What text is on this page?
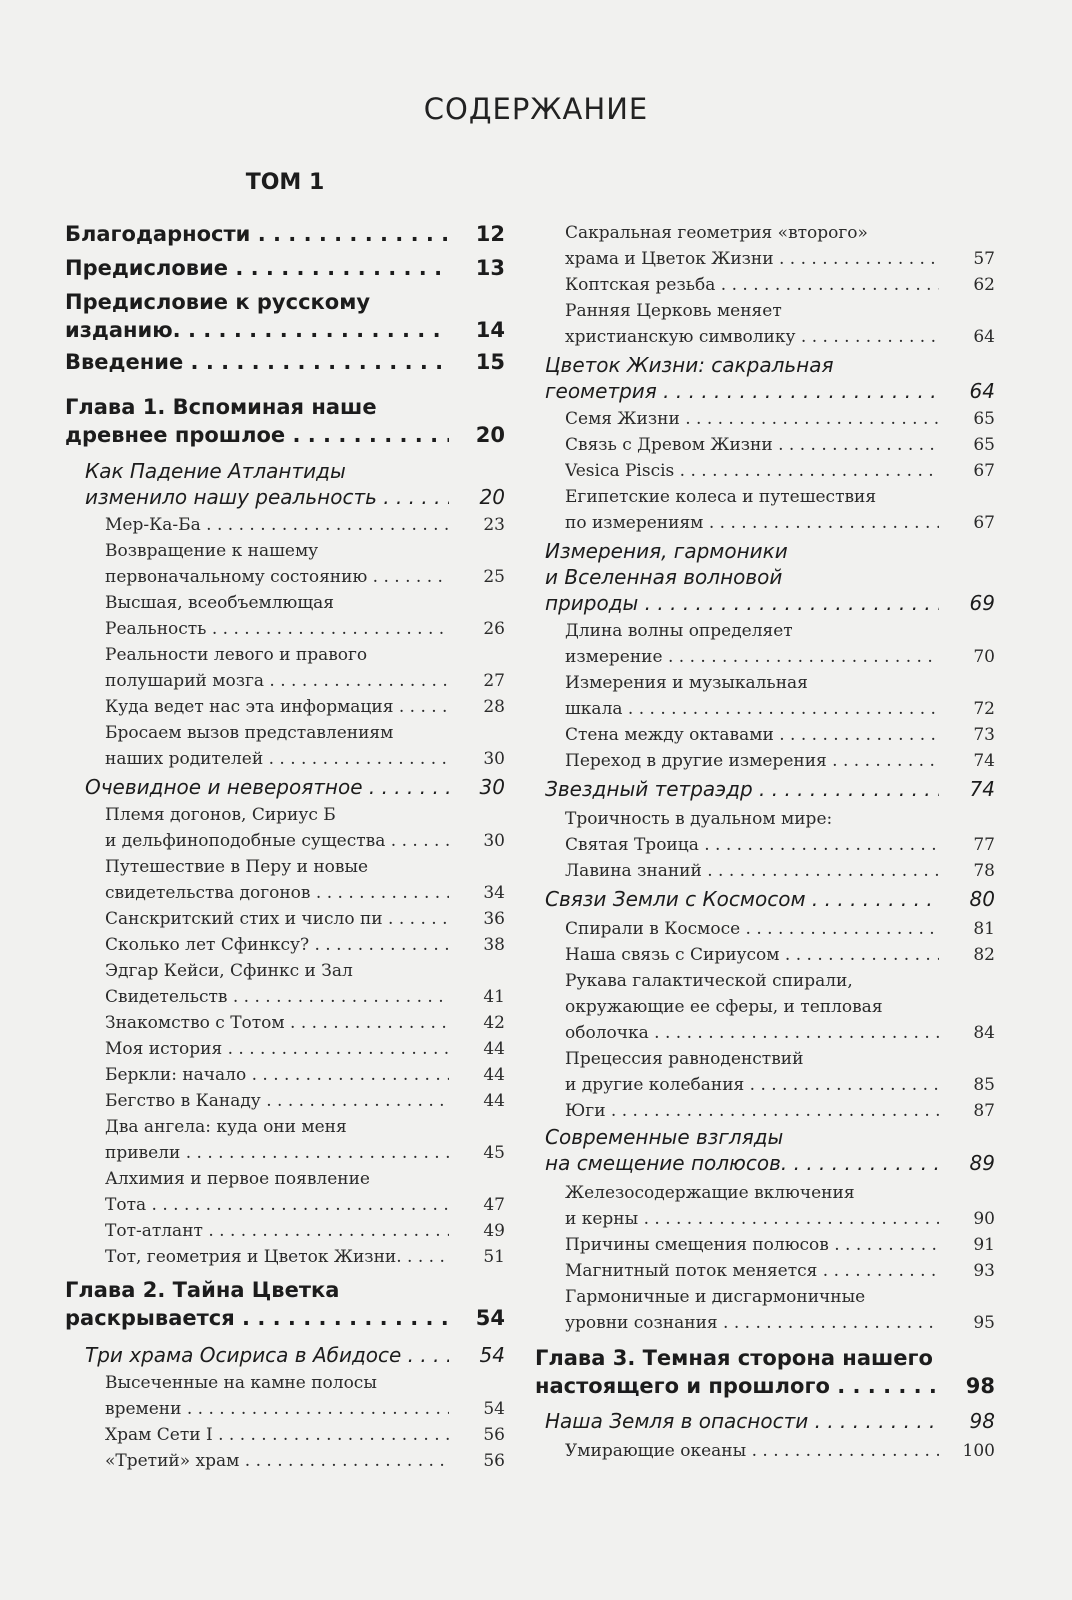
СОДЕРЖАНИЕ
ТОМ 1
Благодарности . . .	12
Предисловие . . .	13
Предисловие к русскому
изданию. . . .	14
Введение . . .	15
Глава 1. Вспоминая наше
древнее прошлое . . .	20
Как Падение Атлантиды
изменило нашу реальность . . .	20
Мер-Ка-Ба . . .	23
Возвращение к нашему
первоначальному состоянию . . .	25
Высшая, всеобъемлющая
Реальность . . .	26
Реальности левого и правого
полушарий мозга . . .	27
Куда ведет нас эта информация . . .	28
Бросаем вызов представлениям
наших родителей . . .	30
Очевидное и невероятное . . .	30
Племя догонов, Сириус Б
и дельфиноподобные существа . . .	30
Путешествие в Перу и новые
свидетельства догонов . . .	34
Санскритский стих и число пи . . .	36
Сколько лет Сфинксу? . . .	38
Эдгар Кейси, Сфинкс и Зал
Свидетельств . . .	41
Знакомство с Тотом . . .	42
Моя история . . .	44
Беркли: начало . . .	44
Бегство в Канаду . . .	44
Два ангела: куда они меня
привели . . .	45
Алхимия и первое появление
Тота . . .	47
Тот-атлант . . .	49
Тот, геометрия и Цветок Жизни. . . .	51
Глава 2. Тайна Цветка
раскрывается . . .	54
Три храма Осириса в Абидосе . . .	54
Высеченные на камне полосы
времени . . .	54
Храм Сети I . . .	56
«Третий» храм . . .	56
Сакральная геометрия «второго»
храма и Цветок Жизни . . .	57
Коптская резьба . . .	62
Ранняя Церковь меняет
христианскую символику . . .	64
Цветок Жизни: сакральная
геометрия . . .	64
Семя Жизни . . .	65
Связь с Древом Жизни . . .	65
Vesica Piscis . . .	67
Египетские колеса и путешествия
по измерениям . . .	67
Измерения, гармоники
и Вселенная волновой
природы . . .	69
Длина волны определяет
измерение . . .	70
Измерения и музыкальная
шкала . . .	72
Стена между октавами . . .	73
Переход в другие измерения . . .	74
Звездный тетраэдр . . .	74
Троичность в дуальном мире:
Святая Троица . . .	77
Лавина знаний . . .	78
Связи Земли с Космосом . . .	80
Спирали в Космосе . . .	81
Наша связь с Сириусом . . .	82
Рукава галактической спирали,
окружающие ее сферы, и тепловая
оболочка . . .	84
Прецессия равноденствий
и другие колебания . . .	85
Юги . . .	87
Современные взгляды
на смещение полюсов. . . .	89
Железосодержащие включения
и керны . . .	90
Причины смещения полюсов . . .	91
Магнитный поток меняется . . .	93
Гармоничные и дисгармоничные
уровни сознания . . .	95
Глава 3. Темная сторона нашего
настоящего и прошлого . . .	98
Наша Земля в опасности . . .	98
Умирающие океаны . . .	100
